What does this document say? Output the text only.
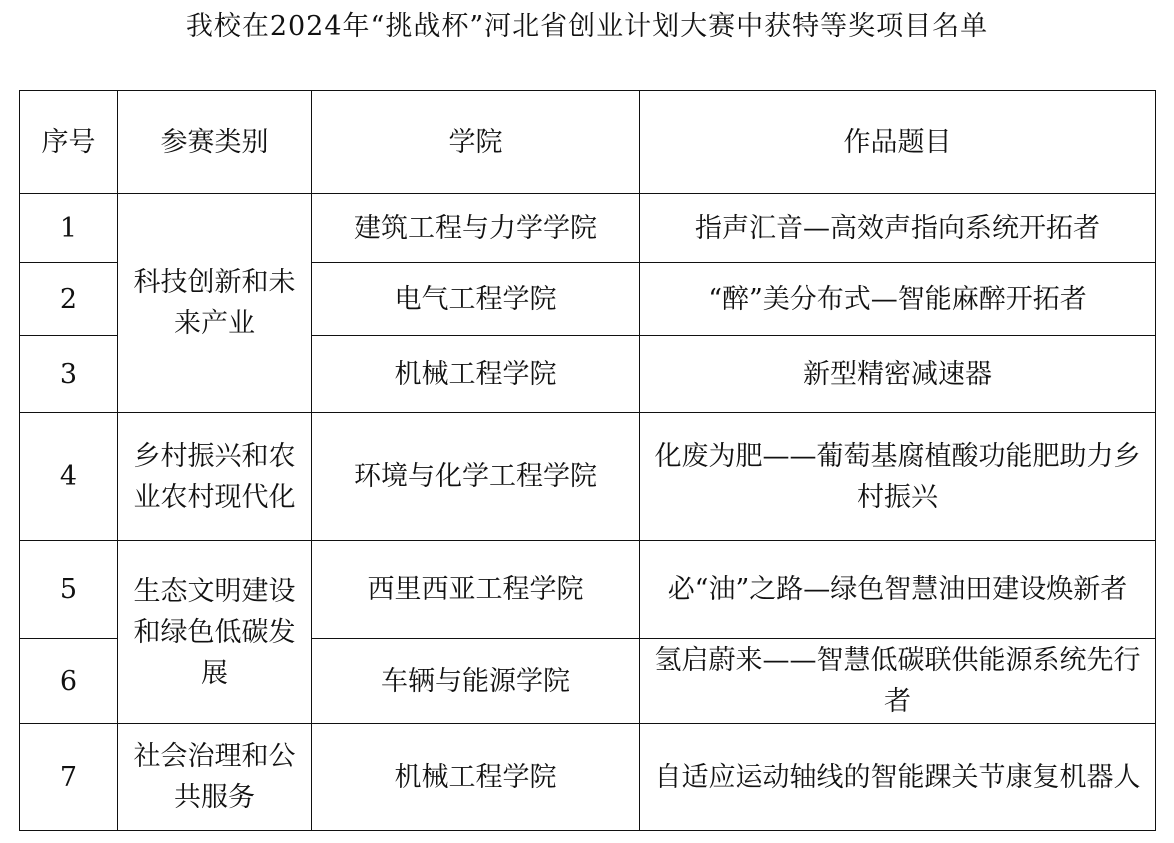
我校在2024年“挑战杯”河北省创业计划大赛中获特等奖项目名单
序号	参赛类别	学院	作品题目
1	科技创新和未来产业	建筑工程与力学学院	指声汇音—高效声指向系统开拓者
2		电气工程学院	“醉”美分布式—智能麻醉开拓者
3		机械工程学院	新型精密减速器
4	乡村振兴和农业农村现代化	环境与化学工程学院	化废为肥——葡萄基腐植酸功能肥助力乡村振兴
5	生态文明建设和绿色低碳发展	西里西亚工程学院	必“油”之路—绿色智慧油田建设焕新者
6		车辆与能源学院	氢启蔚来——智慧低碳联供能源系统先行者
7	社会治理和公共服务	机械工程学院	自适应运动轴线的智能踝关节康复机器人
